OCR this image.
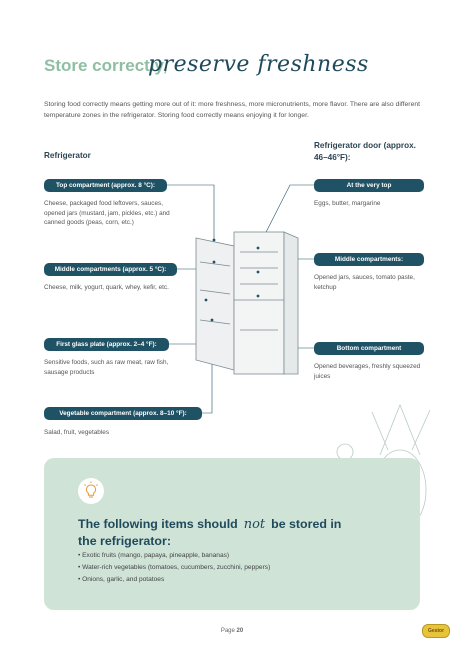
Store correctly,
preserve freshness
Storing food correctly means getting more out of it: more freshness, more micronutrients, more flavor. There are also different temperature zones in the refrigerator. Storing food correctly means enjoying it for longer.
Refrigerator
Refrigerator door (approx. 46–46°F):
Top compartment (approx. 8 °C):
Cheese, packaged food leftovers, sauces, opened jars (mustard, jam, pickles, etc.) and canned goods (peas, corn, etc.)
Middle compartments (approx. 5 °C):
Cheese, milk, yogurt, quark, whey, kefir, etc.
First glass plate (approx. 2–4 °F):
Sensitive foods, such as raw meat, raw fish, sausage products
Vegetable compartment (approx. 8–10 °F):
Salad, fruit, vegetables
At the very top
Eggs, butter, margarine
Middle compartments:
Opened jars, sauces, tomato paste, ketchup
Bottom compartment
Opened beverages, freshly squeezed juices
The following items should not be stored in
the refrigerator:
• Exotic fruits (mango, papaya, pineapple, bananas)
• Water-rich vegetables (tomatoes, cucumbers, zucchini, peppers)
• Onions, garlic, and potatoes
Page 20	Gestor
